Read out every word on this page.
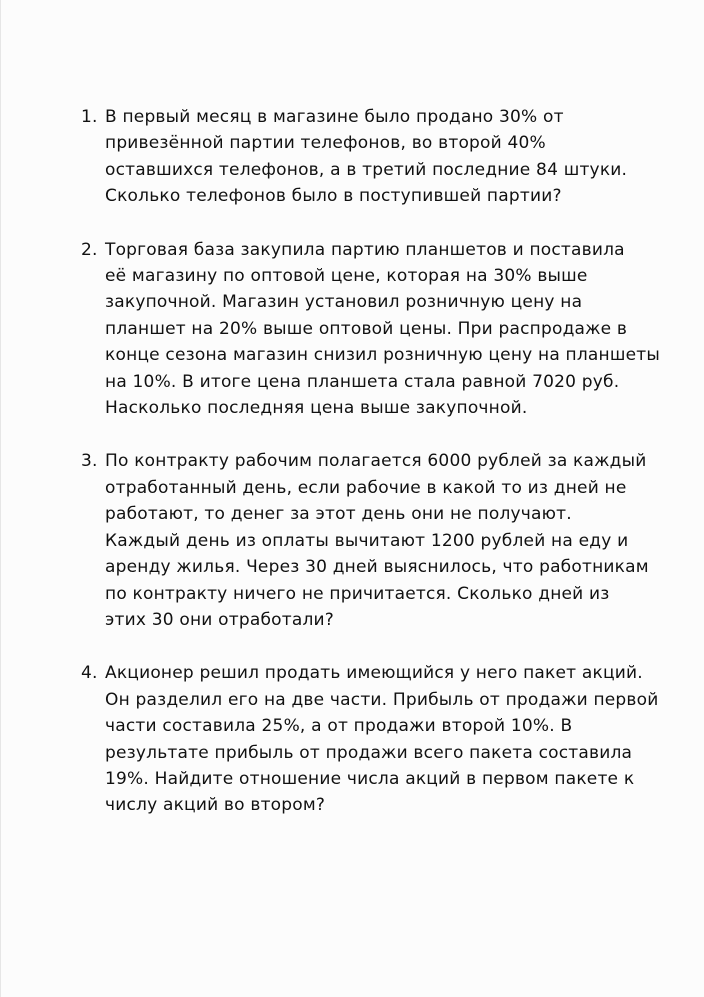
1. В первый месяц в магазине было продано 30% от
привезённой партии телефонов, во второй 40%
оставшихся телефонов, а в третий последние 84 штуки.
Сколько телефонов было в поступившей партии?
2. Торговая база закупила партию планшетов и поставила
её магазину по оптовой цене, которая на 30% выше
закупочной. Магазин установил розничную цену на
планшет на 20% выше оптовой цены. При распродаже в
конце сезона магазин снизил розничную цену на планшеты
на 10%. В итоге цена планшета стала равной 7020 руб.
Насколько последняя цена выше закупочной.
3. По контракту рабочим полагается 6000 рублей за каждый
отработанный день, если рабочие в какой то из дней не
работают, то денег за этот день они не получают.
Каждый день из оплаты вычитают 1200 рублей на еду и
аренду жилья. Через 30 дней выяснилось, что работникам
по контракту ничего не причитается. Сколько дней из
этих 30 они отработали?
4. Акционер решил продать имеющийся у него пакет акций.
Он разделил его на две части. Прибыль от продажи первой
части составила 25%, а от продажи второй 10%. В
результате прибыль от продажи всего пакета составила
19%. Найдите отношение числа акций в первом пакете к
числу акций во втором?
